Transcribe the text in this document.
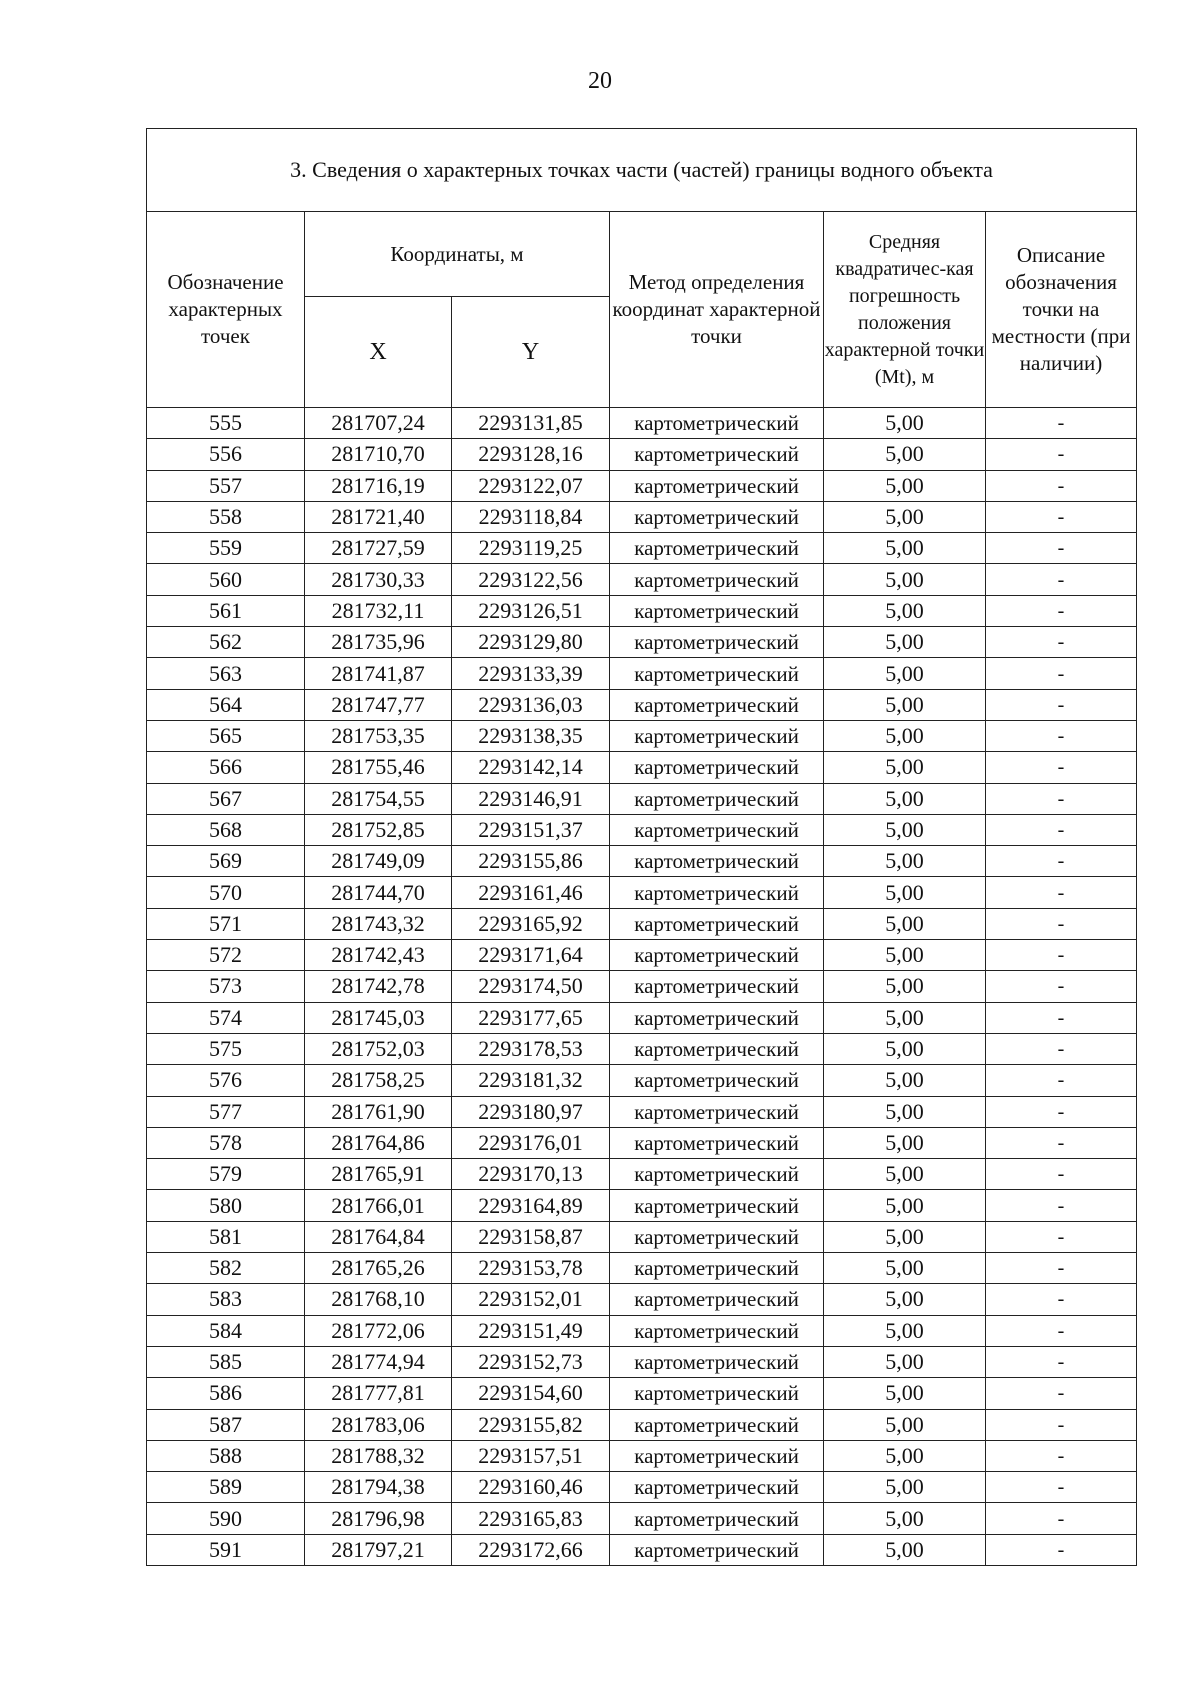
20
3. Сведения о характерных точках части (частей) границы водного объекта					
Обозначение характерных точек	Координаты, м		Метод определения координат характерной точки	Средняя квадратичес-кая погрешность положения характерной точки (Mt), м	Описание обозначения точки на местности (при наличии)
	X	Y			
555	281707,24	2293131,85	картометрический	5,00	-
556	281710,70	2293128,16	картометрический	5,00	-
557	281716,19	2293122,07	картометрический	5,00	-
558	281721,40	2293118,84	картометрический	5,00	-
559	281727,59	2293119,25	картометрический	5,00	-
560	281730,33	2293122,56	картометрический	5,00	-
561	281732,11	2293126,51	картометрический	5,00	-
562	281735,96	2293129,80	картометрический	5,00	-
563	281741,87	2293133,39	картометрический	5,00	-
564	281747,77	2293136,03	картометрический	5,00	-
565	281753,35	2293138,35	картометрический	5,00	-
566	281755,46	2293142,14	картометрический	5,00	-
567	281754,55	2293146,91	картометрический	5,00	-
568	281752,85	2293151,37	картометрический	5,00	-
569	281749,09	2293155,86	картометрический	5,00	-
570	281744,70	2293161,46	картометрический	5,00	-
571	281743,32	2293165,92	картометрический	5,00	-
572	281742,43	2293171,64	картометрический	5,00	-
573	281742,78	2293174,50	картометрический	5,00	-
574	281745,03	2293177,65	картометрический	5,00	-
575	281752,03	2293178,53	картометрический	5,00	-
576	281758,25	2293181,32	картометрический	5,00	-
577	281761,90	2293180,97	картометрический	5,00	-
578	281764,86	2293176,01	картометрический	5,00	-
579	281765,91	2293170,13	картометрический	5,00	-
580	281766,01	2293164,89	картометрический	5,00	-
581	281764,84	2293158,87	картометрический	5,00	-
582	281765,26	2293153,78	картометрический	5,00	-
583	281768,10	2293152,01	картометрический	5,00	-
584	281772,06	2293151,49	картометрический	5,00	-
585	281774,94	2293152,73	картометрический	5,00	-
586	281777,81	2293154,60	картометрический	5,00	-
587	281783,06	2293155,82	картометрический	5,00	-
588	281788,32	2293157,51	картометрический	5,00	-
589	281794,38	2293160,46	картометрический	5,00	-
590	281796,98	2293165,83	картометрический	5,00	-
591	281797,21	2293172,66	картометрический	5,00	-
